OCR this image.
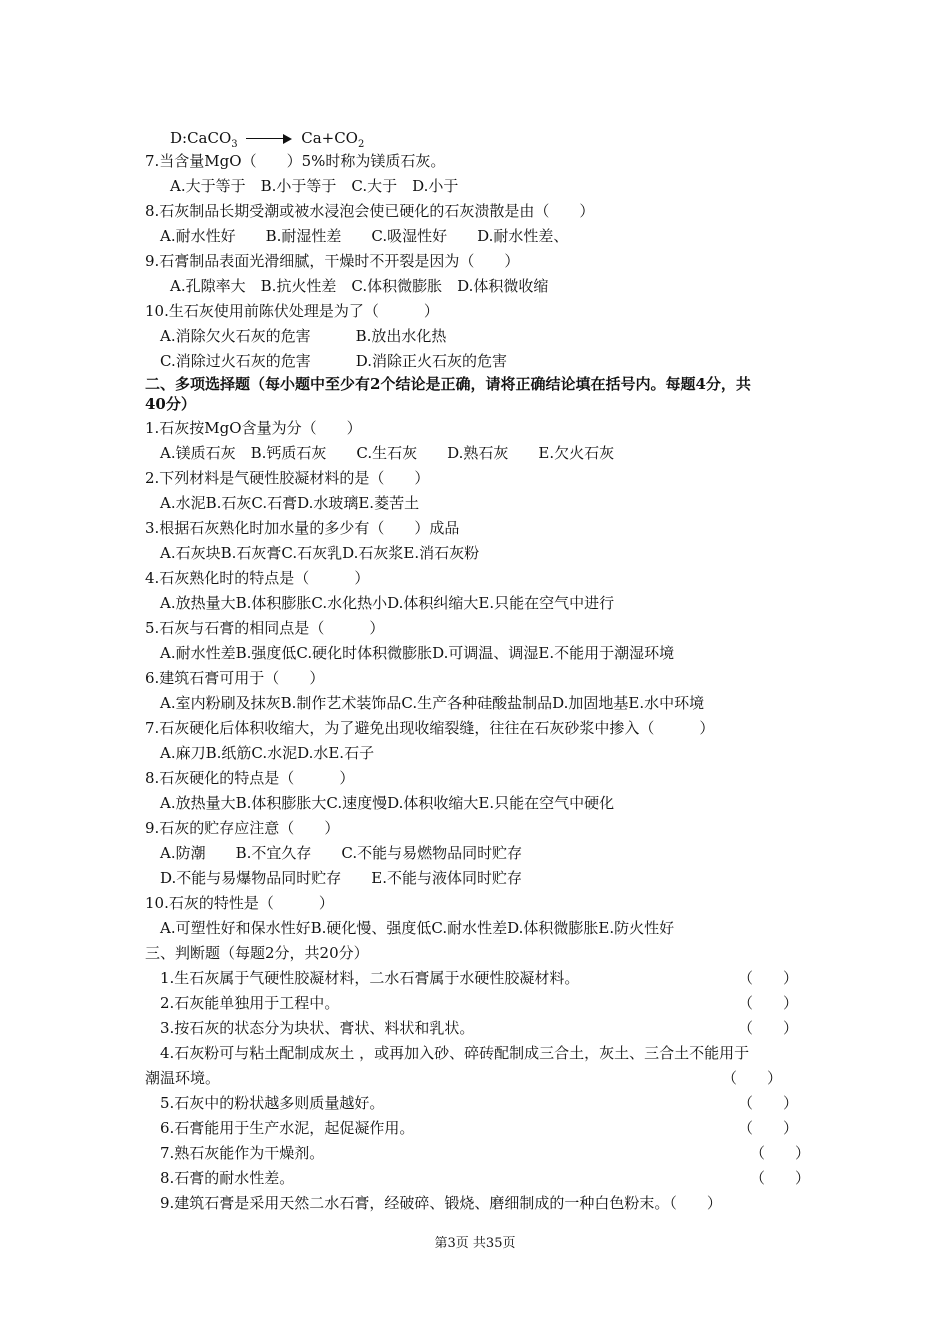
D:CaCO$_3$	$Ca+CO_2$
7.当含量MgO（　　）5%时称为镁质石灰。
A.大于等于　B.小于等于　C.大于　D.小于
8.石灰制品长期受潮或被水浸泡会使已硬化的石灰溃散是由（　　）
A.耐水性好　　B.耐湿性差　　C.吸湿性好　　D.耐水性差、
9.石膏制品表面光滑细腻，干燥时不开裂是因为（　　）
A.孔隙率大　B.抗火性差　C.体积微膨胀　D.体积微收缩
10.生石灰使用前陈伏处理是为了（　　　）
A.消除欠火石灰的危害　　　B.放出水化热
C.消除过火石灰的危害　　　D.消除正火石灰的危害
二、多项选择题（每小题中至少有2个结论是正确，请将正确结论填在括号内。每题4分，共
40分）
1.石灰按MgO含量为分（　　）
A.镁质石灰　B.钙质石灰　　C.生石灰　　D.熟石灰　　E.欠火石灰
2.下列材料是气硬性胶凝材料的是（　　）
A.水泥B.石灰C.石膏D.水玻璃E.菱苦土
3.根据石灰熟化时加水量的多少有（　　）成品
A.石灰块B.石灰膏C.石灰乳D.石灰浆E.消石灰粉
4.石灰熟化时的特点是（　　　）
A.放热量大B.体积膨胀C.水化热小D.体积纠缩大E.只能在空气中进行
5.石灰与石膏的相同点是（　　　）
A.耐水性差B.强度低C.硬化时体积微膨胀D.可调温、调湿E.不能用于潮湿环境
6.建筑石膏可用于（　　）
A.室内粉刷及抹灰B.制作艺术装饰品C.生产各种硅酸盐制品D.加固地基E.水中环境
7.石灰硬化后体积收缩大，为了避免出现收缩裂缝，往往在石灰砂浆中掺入（　　　）
A.麻刀B.纸筋C.水泥D.水E.石子
8.石灰硬化的特点是（　　　）
A.放热量大B.体积膨胀大C.速度慢D.体积收缩大E.只能在空气中硬化
9.石灰的贮存应注意（　　）
A.防潮　　B.不宜久存　　C.不能与易燃物品同时贮存
D.不能与易爆物品同时贮存　　E.不能与液体同时贮存
10.石灰的特性是（　　　）
A.可塑性好和保水性好B.硬化慢、强度低C.耐水性差D.体积微膨胀E.防火性好
三、判断题（每题2分，共20分）
1.生石灰属于气硬性胶凝材料，二水石膏属于水硬性胶凝材料。	（　　）
2.石灰能单独用于工程中。	（　　）
3.按石灰的状态分为块状、膏状、料状和乳状。	（　　）
4.石灰粉可与粘土配制成灰土 ，或再加入砂、碎砖配制成三合土，灰土、三合土不能用于
潮温环境。	（　　）
5.石灰中的粉状越多则质量越好。	（　　）
6.石膏能用于生产水泥，起促凝作用。	（　　）
7.熟石灰能作为干燥剂。	（　　）
8.石膏的耐水性差。	（　　）
9.建筑石膏是采用天然二水石膏，经破碎、锻烧、磨细制成的一种白色粉末。（　　）
第3页 共35页
